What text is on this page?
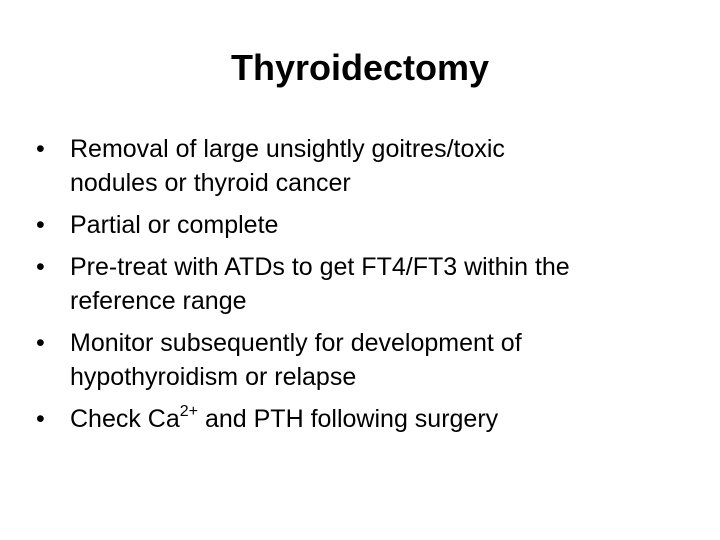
Thyroidectomy
•	Removal of large unsightly goitres/toxic
nodules or thyroid cancer
•	Partial or complete
•	Pre-treat with ATDs to get FT4/FT3 within the
reference range
•	Monitor subsequently for development of
hypothyroidism or relapse
•	Check $Ca^{2+}$ and PTH following surgery
